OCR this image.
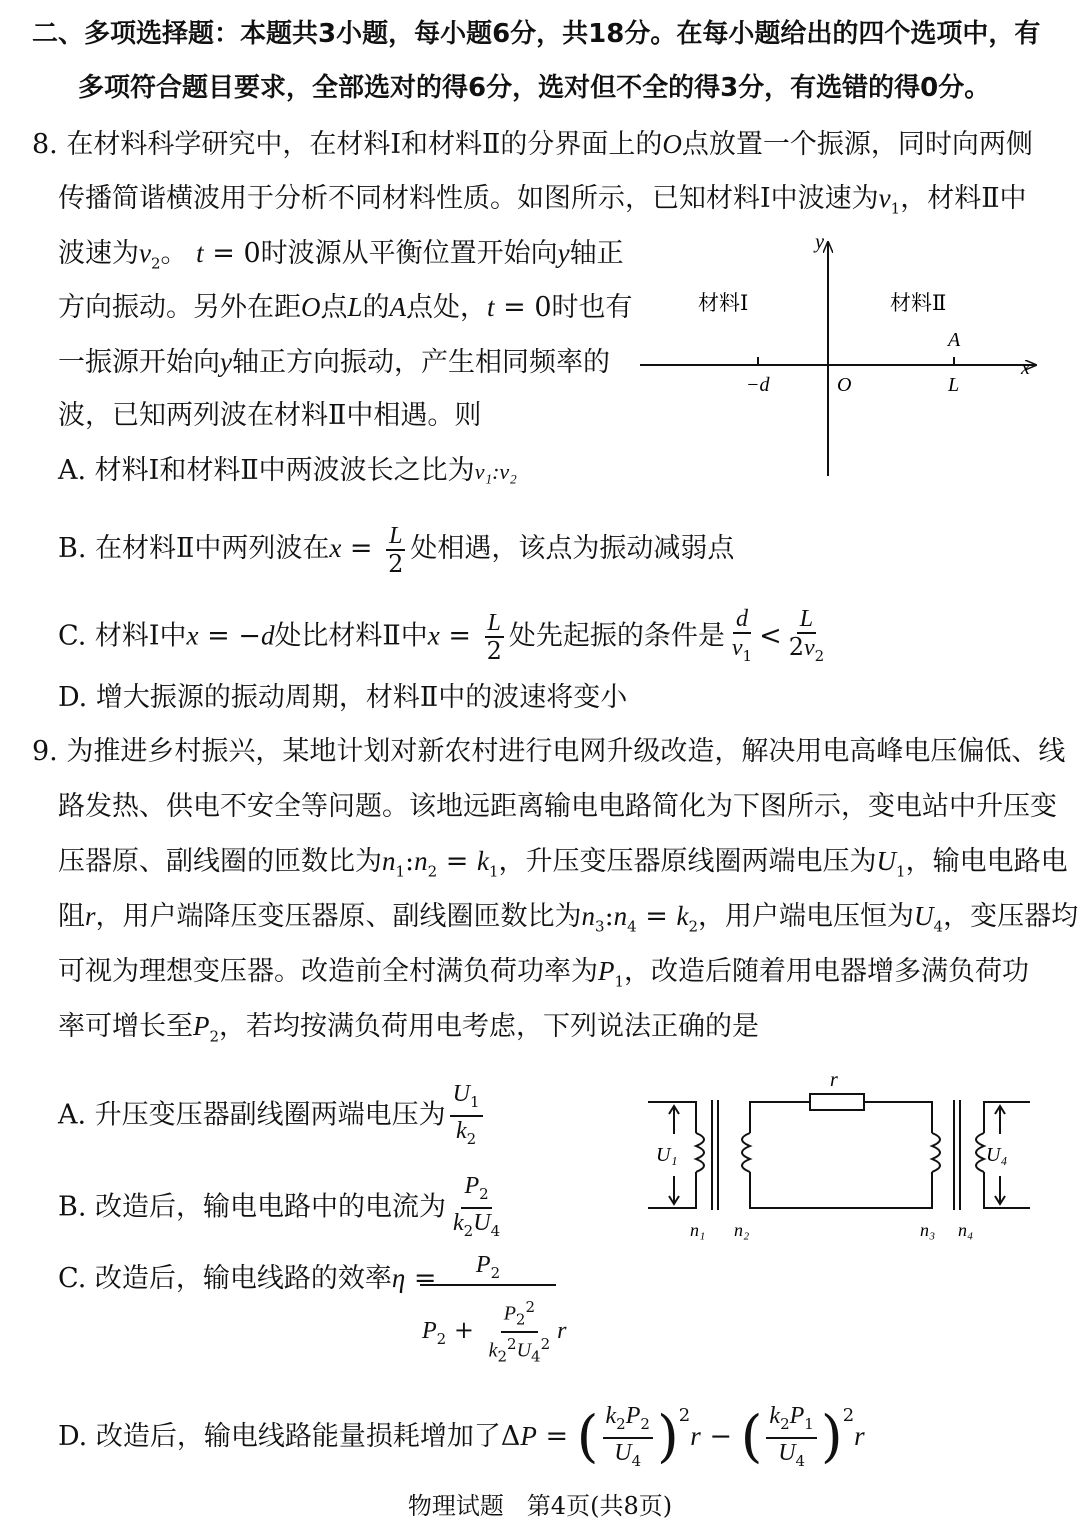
二、多项选择题：本题共3小题，每小题6分，共18分。在每小题给出的四个选项中，有
多项符合题目要求，全部选对的得6分，选对但不全的得3分，有选错的得0分。
8. 在材料科学研究中，在材料Ⅰ和材料Ⅱ的分界面上的O点放置一个振源，同时向两侧
传播简谐横波用于分析不同材料性质。如图所示，已知材料Ⅰ中波速为$v_1$，材料Ⅱ中
波速为$v_2$。 t = 0时波源从平衡位置开始向y轴正
方向振动。另外在距O点L的A点处，t = 0时也有
一振源开始向y轴正方向振动，产生相同频率的
波，已知两列波在材料Ⅱ中相遇。则
y
x
材料Ⅰ	材料Ⅱ
A
−d	O	L
A. 材料Ⅰ和材料Ⅱ中两波波长之比为v₁:v₂
B. 在材料Ⅱ中两列波在$x = \frac{L}{2}$ 处相遇，该点为振动减弱点
C. 材料Ⅰ中x = −d处比材料Ⅱ中$x = \frac{L}{2}$ 处先起振的条件是 $\frac{d}{v_1} < \frac{L}{2v_2}$
D. 增大振源的振动周期，材料Ⅱ中的波速将变小
9. 为推进乡村振兴，某地计划对新农村进行电网升级改造，解决用电高峰电压偏低、线
路发热、供电不安全等问题。该地远距离输电电路简化为下图所示，变电站中升压变
压器原、副线圈的匝数比为$n_1:n_2 = k_1$，升压变压器原线圈两端电压为$U_1$，输电电路电
阻r，用户端降压变压器原、副线圈匝数比为$n_3:n_4 = k_2$，用户端电压恒为$U_4$，变压器均
可视为理想变压器。改造前全村满负荷功率为$P_1$，改造后随着用电器增多满负荷功
率可增长至$P_2$，若均按满负荷用电考虑，下列说法正确的是
r
U₁	U₄
n₁ n₂	n₃ n₄
A. 升压变压器副线圈两端电压为 $\frac{U_1}{k_2}$
B. 改造后，输电电路中的电流为 $\frac{P_2}{k_2U_4}$
C. 改造后，输电线路的效率η =	$P_2$
$P_2 + \frac{P_2^2}{k_2^2U_4^2}$ r
D. 改造后，输电线路能量损耗增加了ΔP = ( $\frac{k_2P_2}{U_4} )^2r$ − ( $\frac{k_2P_1}{U_4} )^2r$
物理试题   第4页(共8页)
